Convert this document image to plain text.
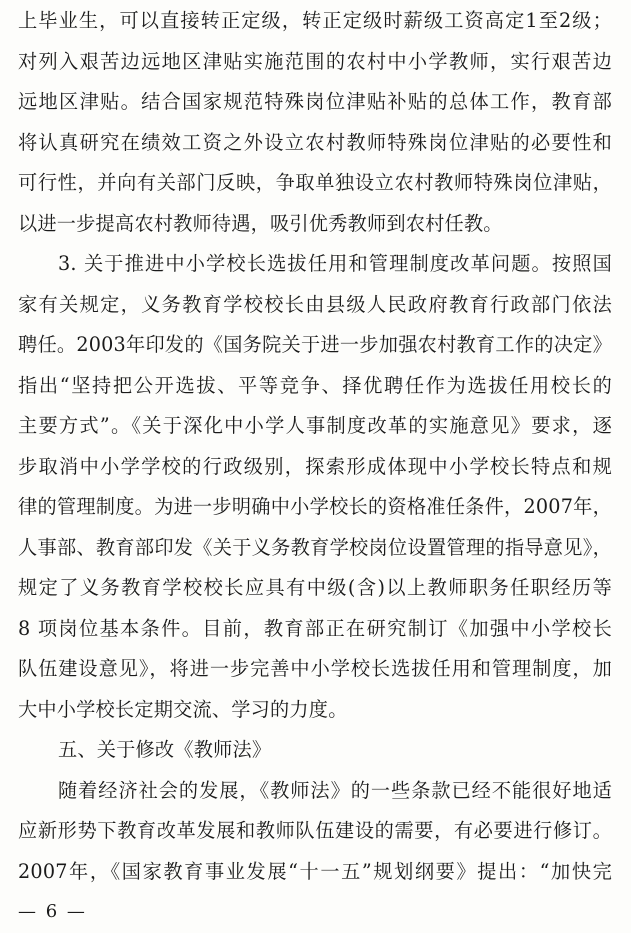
上毕业生，可以直接转正定级，转正定级时薪级工资高定1至2级；
对列入艰苦边远地区津贴实施范围的农村中小学教师，实行艰苦边
远地区津贴。结合国家规范特殊岗位津贴补贴的总体工作，教育部
将认真研究在绩效工资之外设立农村教师特殊岗位津贴的必要性和
可行性，并向有关部门反映，争取单独设立农村教师特殊岗位津贴，
以进一步提高农村教师待遇，吸引优秀教师到农村任教。
3. 关于推进中小学校长选拔任用和管理制度改革问题。按照国
家有关规定，义务教育学校校长由县级人民政府教育行政部门依法
聘任。2003年印发的《国务院关于进一步加强农村教育工作的决定》
指出“坚持把公开选拔、平等竞争、择优聘任作为选拔任用校长的
主要方式”。《关于深化中小学人事制度改革的实施意见》要求，逐
步取消中小学学校的行政级别，探索形成体现中小学校长特点和规
律的管理制度。为进一步明确中小学校长的资格准任条件，2007年，
人事部、教育部印发《关于义务教育学校岗位设置管理的指导意见》，
规定了义务教育学校校长应具有中级(含)以上教师职务任职经历等
8 项岗位基本条件。目前，教育部正在研究制订《加强中小学校长
队伍建设意见》，将进一步完善中小学校长选拔任用和管理制度，加
大中小学校长定期交流、学习的力度。
五、关于修改《教师法》
随着经济社会的发展，《教师法》的一些条款已经不能很好地适
应新形势下教育改革发展和教师队伍建设的需要，有必要进行修订。
2007年，《国家教育事业发展“十一五”规划纲要》提出：“加快完
— 6 —
